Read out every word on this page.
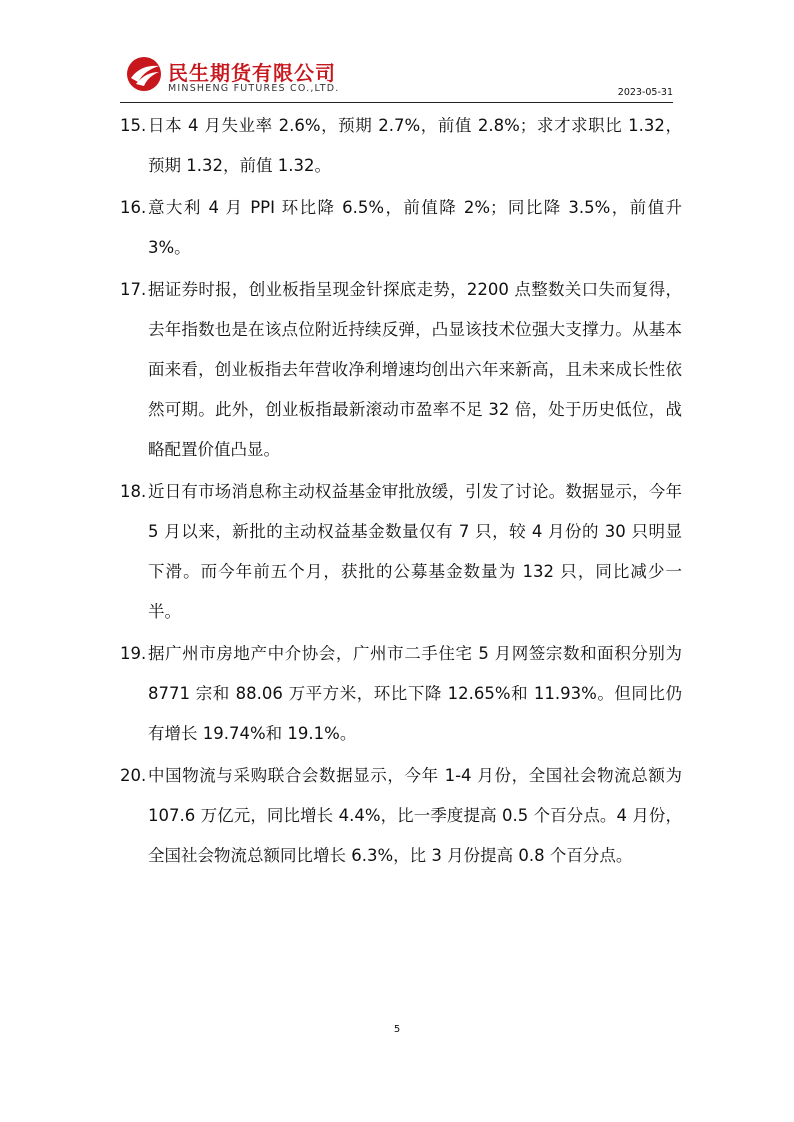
民生期货有限公司
MINSHENG FUTURES CO.,LTD.	2023-05-31
15. 日本 4 月失业率 2.6%，预期 2.7%，前值 2.8%；求才求职比 1.32，预期 1.32，前值 1.32。
16. 意大利 4 月 PPI 环比降 6.5%，前值降 2%；同比降 3.5%，前值升 3%。
17. 据证券时报，创业板指呈现金针探底走势，2200 点整数关口失而复得，去年指数也是在该点位附近持续反弹，凸显该技术位强大支撑力。从基本面来看，创业板指去年营收净利增速均创出六年来新高，且未来成长性依然可期。此外，创业板指最新滚动市盈率不足 32 倍，处于历史低位，战略配置价值凸显。
18. 近日有市场消息称主动权益基金审批放缓，引发了讨论。数据显示，今年 5 月以来，新批的主动权益基金数量仅有 7 只，较 4 月份的 30 只明显下滑。而今年前五个月，获批的公募基金数量为 132 只，同比减少一半。
19. 据广州市房地产中介协会，广州市二手住宅 5 月网签宗数和面积分别为 8771 宗和 88.06 万平方米，环比下降 12.65%和 11.93%。但同比仍有增长 19.74%和 19.1%。
20. 中国物流与采购联合会数据显示，今年 1-4 月份，全国社会物流总额为 107.6 万亿元，同比增长 4.4%，比一季度提高 0.5 个百分点。4 月份，全国社会物流总额同比增长 6.3%，比 3 月份提高 0.8 个百分点。
5
